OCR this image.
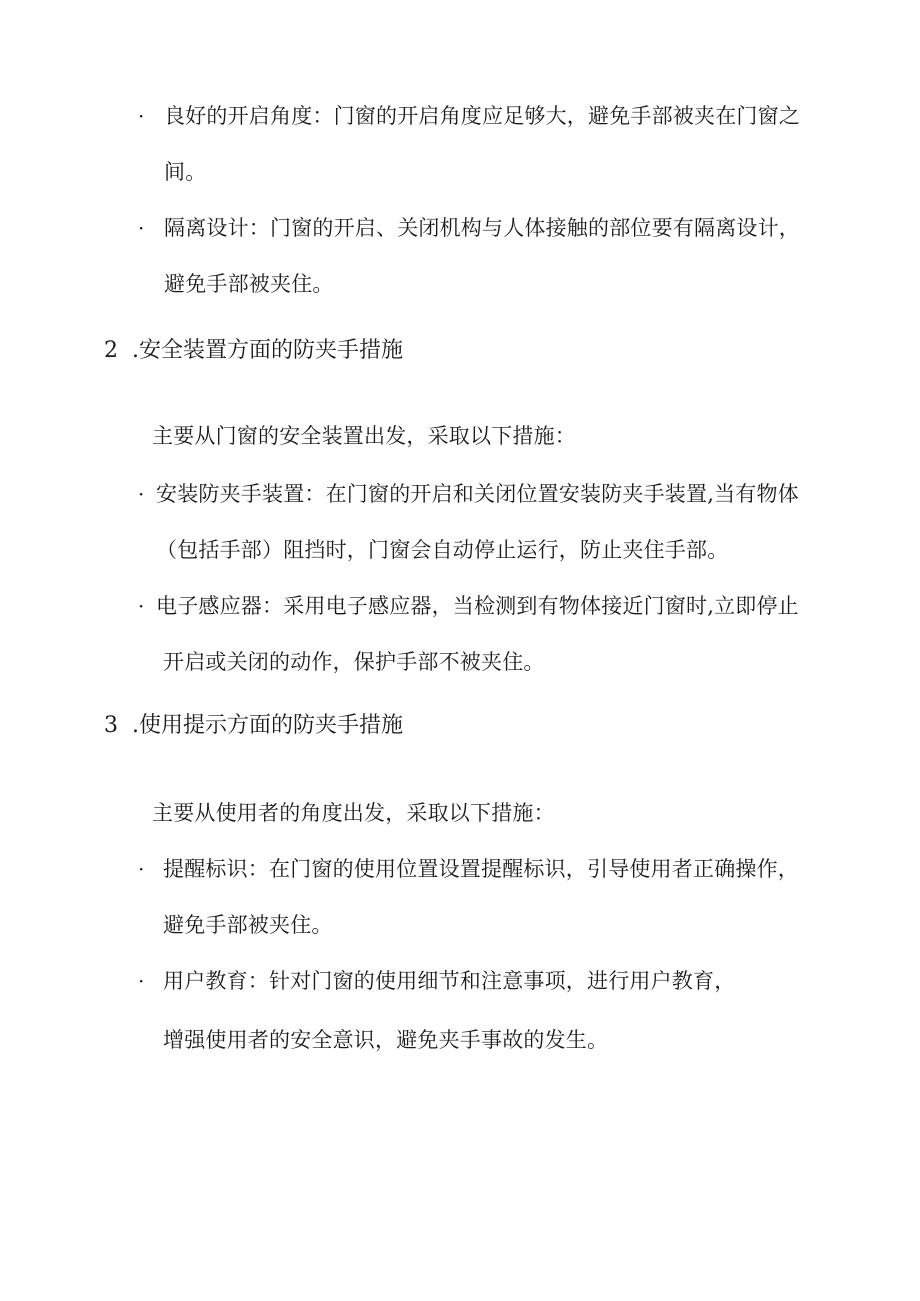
· 良好的开启角度：门窗的开启角度应足够大，避免手部被夹在门窗之
间。
· 隔离设计：门窗的开启、关闭机构与人体接触的部位要有隔离设计，
避免手部被夹住。
2 .安全装置方面的防夹手措施
主要从门窗的安全装置出发，采取以下措施：
· 安装防夹手装置：在门窗的开启和关闭位置安装防夹手装置,当有物体
（包括手部）阻挡时，门窗会自动停止运行，防止夹住手部。
· 电子感应器：采用电子感应器，当检测到有物体接近门窗时,立即停止
开启或关闭的动作，保护手部不被夹住。
3 .使用提示方面的防夹手措施
主要从使用者的角度出发，采取以下措施：
· 提醒标识：在门窗的使用位置设置提醒标识，引导使用者正确操作，
避免手部被夹住。
· 用户教育：针对门窗的使用细节和注意事项，进行用户教育，
增强使用者的安全意识，避免夹手事故的发生。
